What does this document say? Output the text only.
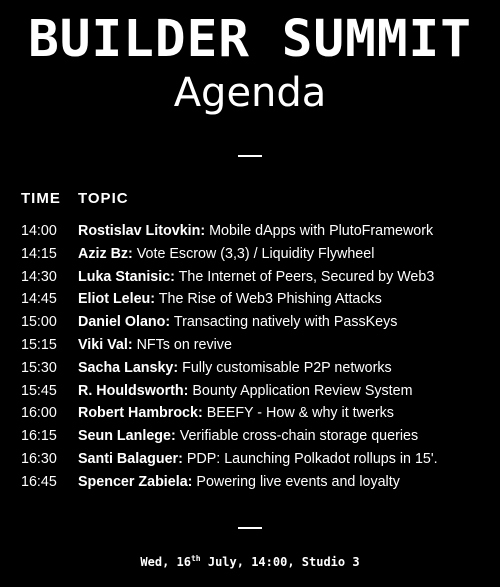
BUILDER SUMMIT
Agenda
TIME TOPIC
14:00 Rostislav Litovkin: Mobile dApps with PlutoFramework
14:15 Aziz Bz: Vote Escrow (3,3) / Liquidity Flywheel
14:30 Luka Stanisic: The Internet of Peers, Secured by Web3
14:45 Eliot Leleu: The Rise of Web3 Phishing Attacks
15:00 Daniel Olano: Transacting natively with PassKeys
15:15 Viki Val: NFTs on revive
15:30 Sacha Lansky: Fully customisable P2P networks
15:45 R. Houldsworth: Bounty Application Review System
16:00 Robert Hambrock: BEEFY - How & why it twerks
16:15 Seun Lanlege: Verifiable cross-chain storage queries
16:30 Santi Balaguer: PDP: Launching Polkadot rollups in 15'.
16:45 Spencer Zabiela: Powering live events and loyalty
Wed, 16th July, 14:00, Studio 3
